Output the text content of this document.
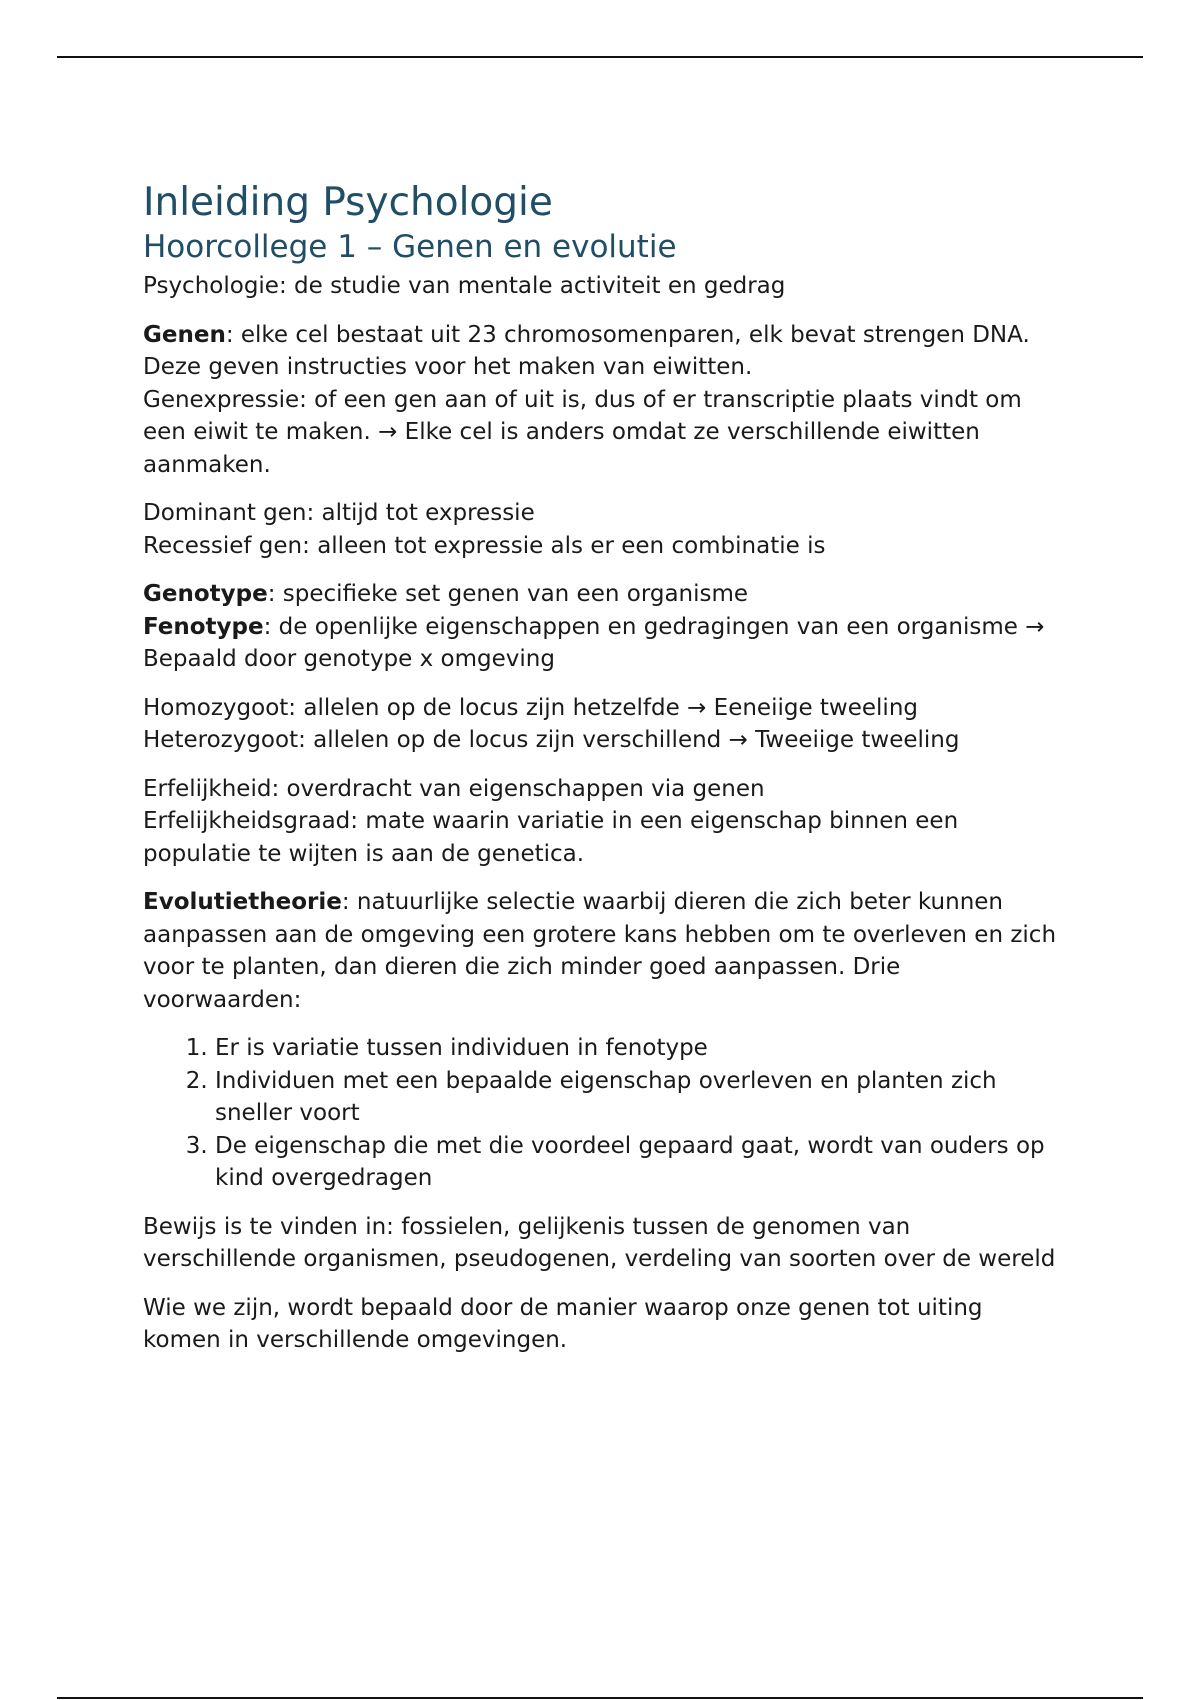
Inleiding Psychologie
Hoorcollege 1 – Genen en evolutie

Psychologie: de studie van mentale activiteit en gedrag

Genen: elke cel bestaat uit 23 chromosomenparen, elk bevat strengen DNA. Deze geven instructies voor het maken van eiwitten.
Genexpressie: of een gen aan of uit is, dus of er transcriptie plaats vindt om een eiwit te maken. → Elke cel is anders omdat ze verschillende eiwitten aanmaken.

Dominant gen: altijd tot expressie
Recessief gen: alleen tot expressie als er een combinatie is

Genotype: specifieke set genen van een organisme
Fenotype: de openlijke eigenschappen en gedragingen van een organisme → Bepaald door genotype x omgeving

Homozygoot: allelen op de locus zijn hetzelfde → Eeneiige tweeling
Heterozygoot: allelen op de locus zijn verschillend → Tweeiige tweeling

Erfelijkheid: overdracht van eigenschappen via genen
Erfelijkheidsgraad: mate waarin variatie in een eigenschap binnen een populatie te wijten is aan de genetica.

Evolutietheorie: natuurlijke selectie waarbij dieren die zich beter kunnen aanpassen aan de omgeving een grotere kans hebben om te overleven en zich voor te planten, dan dieren die zich minder goed aanpassen. Drie voorwaarden:

1. Er is variatie tussen individuen in fenotype
2. Individuen met een bepaalde eigenschap overleven en planten zich sneller voort
3. De eigenschap die met die voordeel gepaard gaat, wordt van ouders op kind overgedragen

Bewijs is te vinden in: fossielen, gelijkenis tussen de genomen van verschillende organismen, pseudogenen, verdeling van soorten over de wereld

Wie we zijn, wordt bepaald door de manier waarop onze genen tot uiting komen in verschillende omgevingen.
